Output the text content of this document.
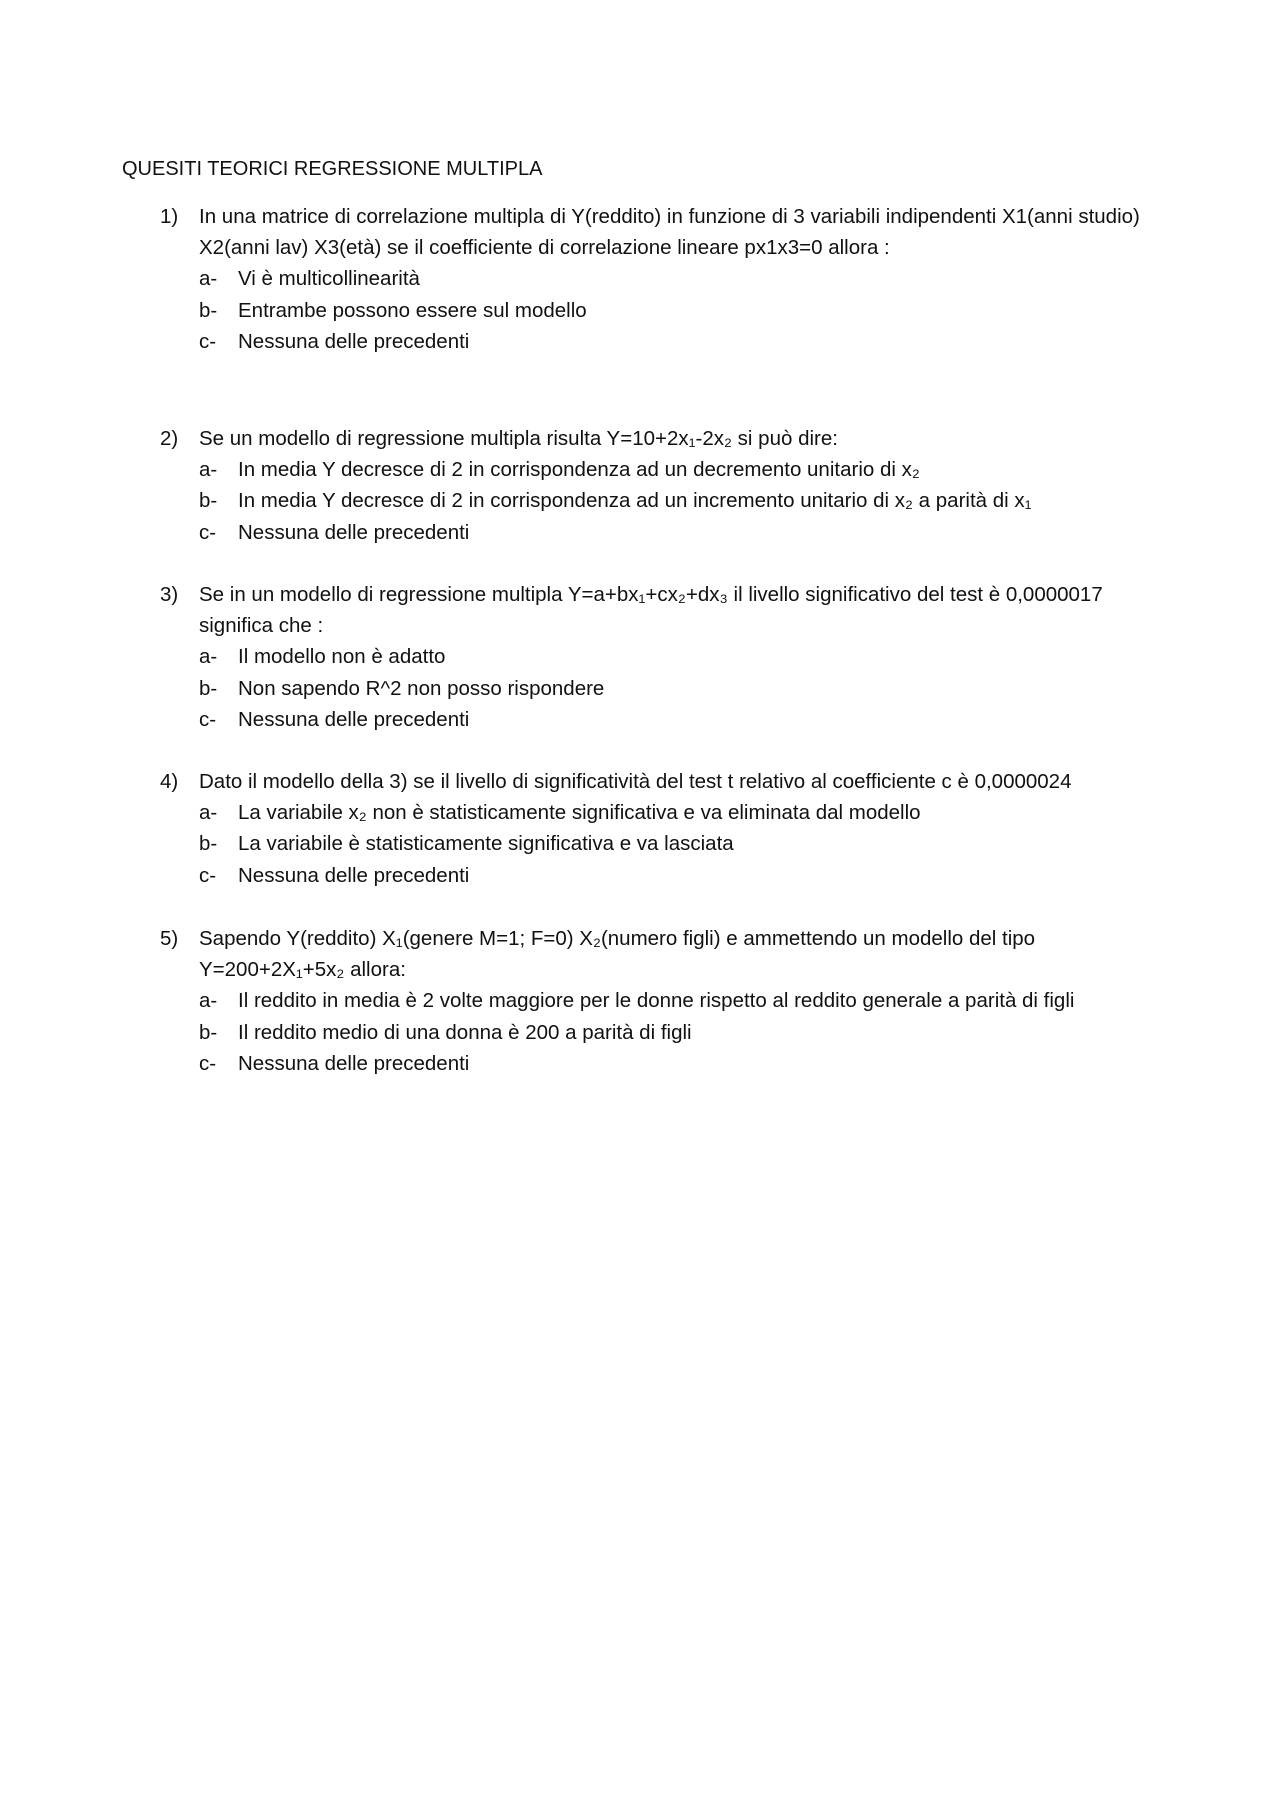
QUESITI TEORICI REGRESSIONE MULTIPLA
1)	In una matrice di correlazione multipla di Y(reddito) in funzione di 3 variabili indipendenti X1(anni studio) X2(anni lav) X3(età) se il coefficiente di correlazione lineare px1x3=0 allora :
a-	Vi è multicollinearità
b-	Entrambe possono essere sul modello
c-	Nessuna delle precedenti
2)	Se un modello di regressione multipla risulta Y=10+2x₁-2x₂ si può dire:
a-	In media Y decresce di 2 in corrispondenza ad un decremento unitario di x₂
b-	In media Y decresce di 2 in corrispondenza ad un incremento unitario di x₂ a parità di x₁
c-	Nessuna delle precedenti
3)	Se in un modello di regressione multipla Y=a+bx₁+cx₂+dx₃ il livello significativo del test è 0,0000017 significa che :
a-	Il modello non è adatto
b-	Non sapendo R^2 non posso rispondere
c-	Nessuna delle precedenti
4)	Dato il modello della 3) se il livello di significatività del test t relativo al coefficiente c è 0,0000024
a-	La variabile x₂ non è statisticamente significativa e va eliminata dal modello
b-	La variabile è statisticamente significativa e va lasciata
c-	Nessuna delle precedenti
5)	Sapendo Y(reddito) X₁(genere M=1; F=0) X₂(numero figli) e ammettendo un modello del tipo Y=200+2X₁+5x₂ allora:
a-	Il reddito in media è 2 volte maggiore per le donne rispetto al reddito generale a parità di figli
b-	Il reddito medio di una donna è 200 a parità di figli
c-	Nessuna delle precedenti
